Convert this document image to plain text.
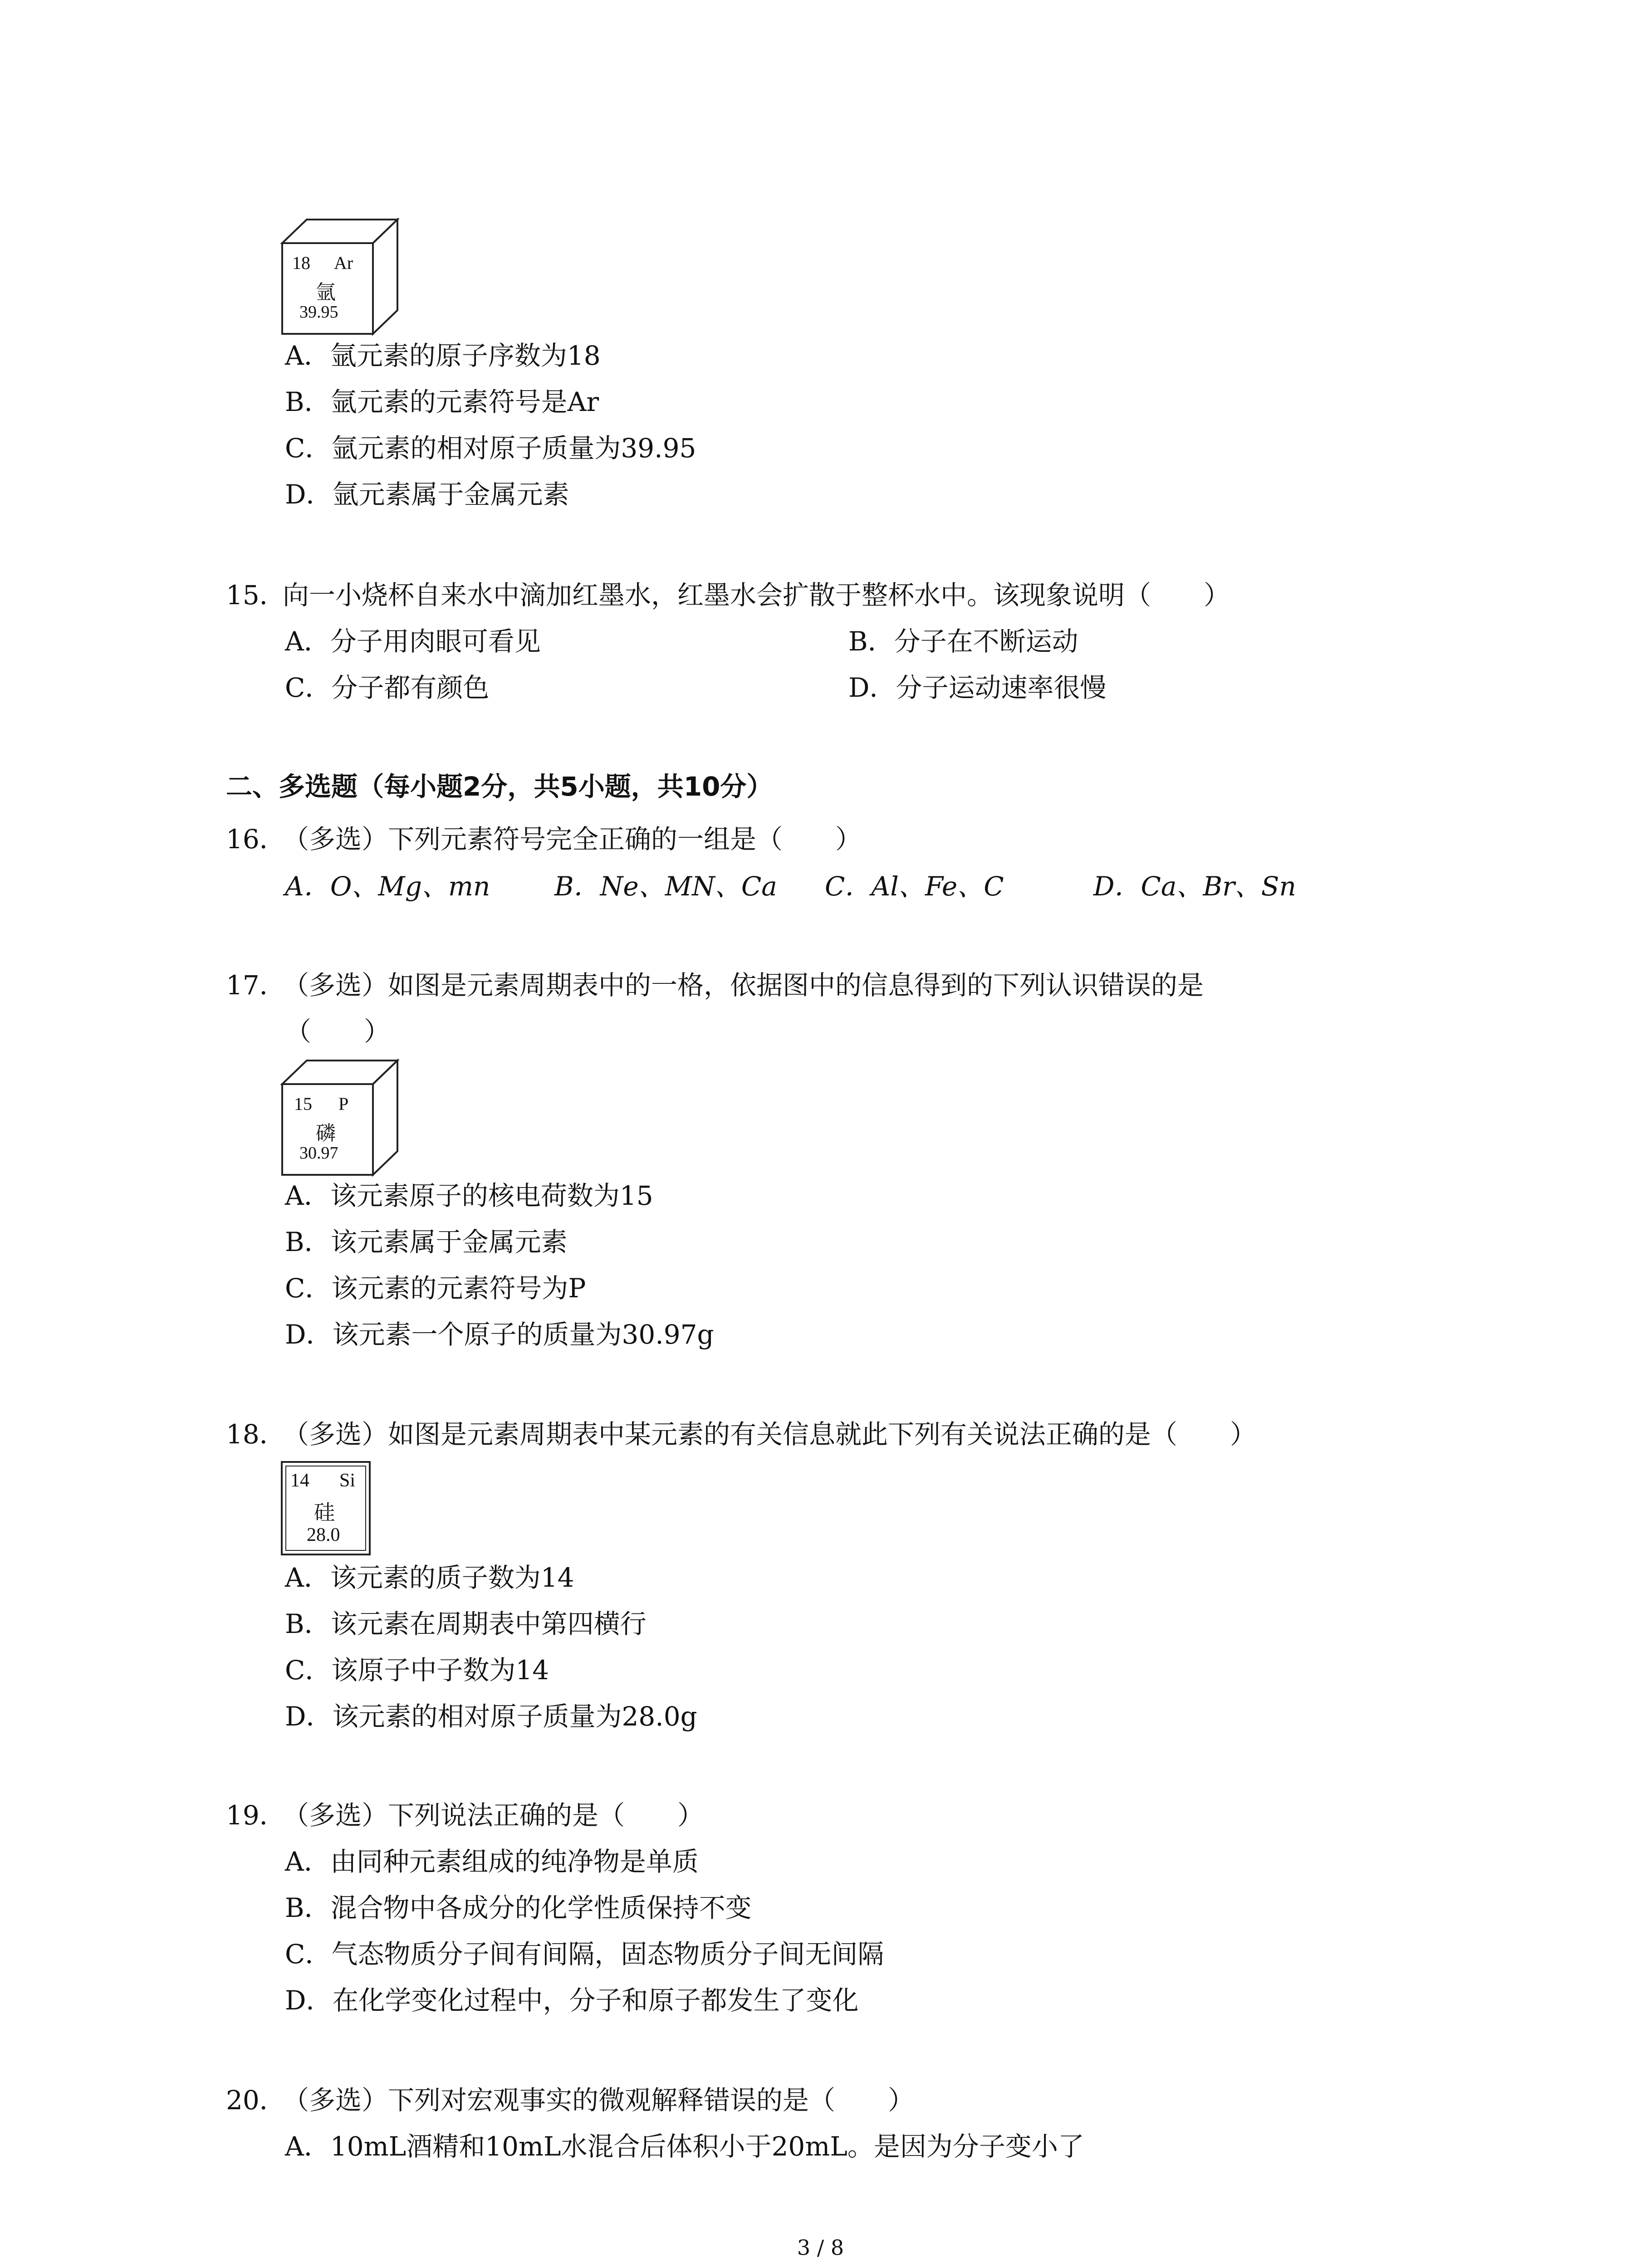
18 Ar
氩
39.95
A．氩元素的原子序数为18
B．氩元素的元素符号是Ar
C．氩元素的相对原子质量为39.95
D．氩元素属于金属元素
15．向一小烧杯自来水中滴加红墨水，红墨水会扩散于整杯水中。该现象说明（　　）
A．分子用肉眼可看见	B．分子在不断运动
C．分子都有颜色	D．分子运动速率很慢
二、多选题（每小题2分，共5小题，共10分）
16．（多选）下列元素符号完全正确的一组是（　　）
A．O、Mg、mn B．Ne、MN、Ca C．Al、Fe、C	D．Ca、Br、Sn
17．（多选）如图是元素周期表中的一格，依据图中的信息得到的下列认识错误的是
（　　）
15 P
磷
30.97
A．该元素原子的核电荷数为15
B．该元素属于金属元素
C．该元素的元素符号为P
D．该元素一个原子的质量为30.97g
18．（多选）如图是元素周期表中某元素的有关信息就此下列有关说法正确的是（　　）
14 Si
硅
28.0
A．该元素的质子数为14
B．该元素在周期表中第四横行
C．该原子中子数为14
D．该元素的相对原子质量为28.0g
19．（多选）下列说法正确的是（　　）
A．由同种元素组成的纯净物是单质
B．混合物中各成分的化学性质保持不变
C．气态物质分子间有间隔，固态物质分子间无间隔
D．在化学变化过程中，分子和原子都发生了变化
20．（多选）下列对宏观事实的微观解释错误的是（　　）
A．10mL酒精和10mL水混合后体积小于20mL。是因为分子变小了
3 / 8
